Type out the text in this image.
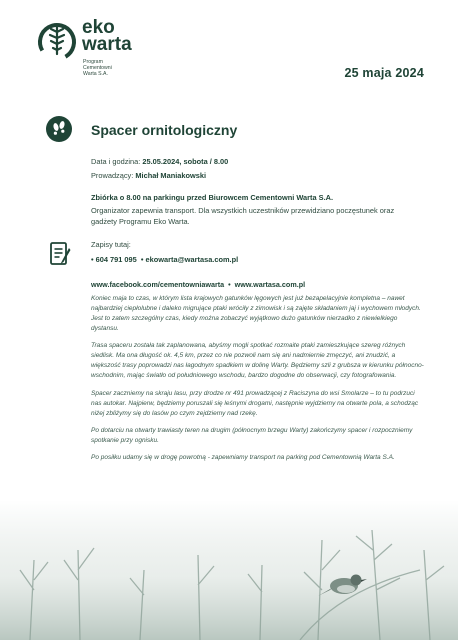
eko
warta
Program
Cementowni
Warta S.A.	25 maja 2024
Spacer ornitologiczny
Data i godzina: 25.05.2024, sobota / 8.00
Prowadzący: Michał Maniakowski
Zbiórka o 8.00 na parkingu przed Biurowcem Cementowni Warta S.A.
Organizator zapewnia transport. Dla wszystkich uczestników przewidziano poczęstunek oraz gadżety Programu Eko Warta.
Zapisy tutaj:
• 604 791 095  • ekowarta@wartasa.com.pl
www.facebook.com/cementowniawarta  •  www.wartasa.com.pl

Koniec maja to czas, w którym lista krajowych gatunków lęgowych jest już bezapelacyjnie kompletna – nawet najbardziej ciepłolubne i daleko migrujące ptaki wróciły z zimowisk i są zajęte składaniem jaj i wychowem młodych. Jest to zatem szczególny czas, kiedy można zobaczyć wyjątkowo dużo gatunków nierzadko z niewielkiego dystansu.

Trasa spaceru została tak zaplanowana, abyśmy mogli spotkać rozmaite ptaki zamieszkujące szereg różnych siedlisk. Ma ona długość ok. 4,5 km, przez co nie pozwoli nam się ani nadmiernie zmęczyć, ani znudzić, a większość trasy poprowadzi nas łagodnym spadkiem w dolinę Warty. Będziemy szli z grubsza w kierunku północno-wschodnim, mając światło od południowego wschodu, bardzo dogodne do obserwacji, czy fotografowania.

Spacer zaczniemy na skraju lasu, przy drodze nr 491 prowadzącej z Raciszyna do wsi Smolarze – to tu podrzuci nas autokar. Najpierw, będziemy poruszali się leśnymi drogami, następnie wyjdziemy na otwarte pola, a schodząc niżej zbliżymy się do lasów po czym zejdziemy nad rzekę.

Po dotarciu na otwarty trawiasty teren na drugim (północnym brzegu Warty) zakończymy spacer i rozpoczniemy spotkanie przy ognisku.

Po posiłku udamy się w drogę powrotną - zapewniamy transport na parking pod Cementownią Warta S.A.
